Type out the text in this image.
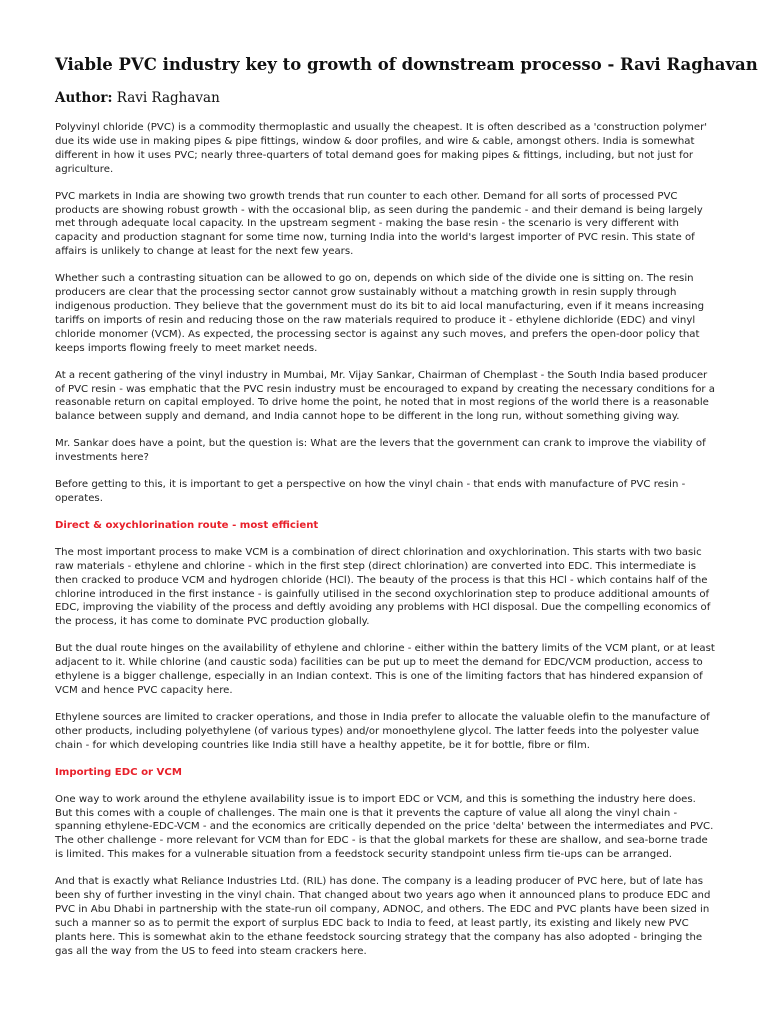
Viable PVC industry key to growth of downstream processo - Ravi Raghavan
Author: Ravi Raghavan

Polyvinyl chloride (PVC) is a commodity thermoplastic and usually the cheapest. It is often described as a 'construction polymer' due its wide use in making pipes & pipe fittings, window & door profiles, and wire & cable, amongst others. India is somewhat different in how it uses PVC; nearly three-quarters of total demand goes for making pipes & fittings, including, but not just for agriculture.

PVC markets in India are showing two growth trends that run counter to each other. Demand for all sorts of processed PVC products are showing robust growth - with the occasional blip, as seen during the pandemic - and their demand is being largely met through adequate local capacity. In the upstream segment - making the base resin - the scenario is very different with capacity and production stagnant for some time now, turning India into the world's largest importer of PVC resin. This state of affairs is unlikely to change at least for the next few years.

Whether such a contrasting situation can be allowed to go on, depends on which side of the divide one is sitting on. The resin producers are clear that the processing sector cannot grow sustainably without a matching growth in resin supply through indigenous production. They believe that the government must do its bit to aid local manufacturing, even if it means increasing tariffs on imports of resin and reducing those on the raw materials required to produce it - ethylene dichloride (EDC) and vinyl chloride monomer (VCM). As expected, the processing sector is against any such moves, and prefers the open-door policy that keeps imports flowing freely to meet market needs.

At a recent gathering of the vinyl industry in Mumbai, Mr. Vijay Sankar, Chairman of Chemplast - the South India based producer of PVC resin - was emphatic that the PVC resin industry must be encouraged to expand by creating the necessary conditions for a reasonable return on capital employed. To drive home the point, he noted that in most regions of the world there is a reasonable balance between supply and demand, and India cannot hope to be different in the long run, without something giving way.

Mr. Sankar does have a point, but the question is: What are the levers that the government can crank to improve the viability of investments here?

Before getting to this, it is important to get a perspective on how the vinyl chain - that ends with manufacture of PVC resin - operates.

Direct & oxychlorination route - most efficient

The most important process to make VCM is a combination of direct chlorination and oxychlorination. This starts with two basic raw materials - ethylene and chlorine - which in the first step (direct chlorination) are converted into EDC. This intermediate is then cracked to produce VCM and hydrogen chloride (HCl). The beauty of the process is that this HCl - which contains half of the chlorine introduced in the first instance - is gainfully utilised in the second oxychlorination step to produce additional amounts of EDC, improving the viability of the process and deftly avoiding any problems with HCl disposal. Due the compelling economics of the process, it has come to dominate PVC production globally.

But the dual route hinges on the availability of ethylene and chlorine - either within the battery limits of the VCM plant, or at least adjacent to it. While chlorine (and caustic soda) facilities can be put up to meet the demand for EDC/VCM production, access to ethylene is a bigger challenge, especially in an Indian context. This is one of the limiting factors that has hindered expansion of VCM and hence PVC capacity here.

Ethylene sources are limited to cracker operations, and those in India prefer to allocate the valuable olefin to the manufacture of other products, including polyethylene (of various types) and/or monoethylene glycol. The latter feeds into the polyester value chain - for which developing countries like India still have a healthy appetite, be it for bottle, fibre or film.

Importing EDC or VCM

One way to work around the ethylene availability issue is to import EDC or VCM, and this is something the industry here does. But this comes with a couple of challenges. The main one is that it prevents the capture of value all along the vinyl chain - spanning ethylene-EDC-VCM - and the economics are critically depended on the price 'delta' between the intermediates and PVC. The other challenge - more relevant for VCM than for EDC - is that the global markets for these are shallow, and sea-borne trade is limited. This makes for a vulnerable situation from a feedstock security standpoint unless firm tie-ups can be arranged.

And that is exactly what Reliance Industries Ltd. (RIL) has done. The company is a leading producer of PVC here, but of late has been shy of further investing in the vinyl chain. That changed about two years ago when it announced plans to produce EDC and PVC in Abu Dhabi in partnership with the state-run oil company, ADNOC, and others. The EDC and PVC plants have been sized in such a manner so as to permit the export of surplus EDC back to India to feed, at least partly, its existing and likely new PVC plants here. This is somewhat akin to the ethane feedstock sourcing strategy that the company has also adopted - bringing the gas all the way from the US to feed into steam crackers here.
